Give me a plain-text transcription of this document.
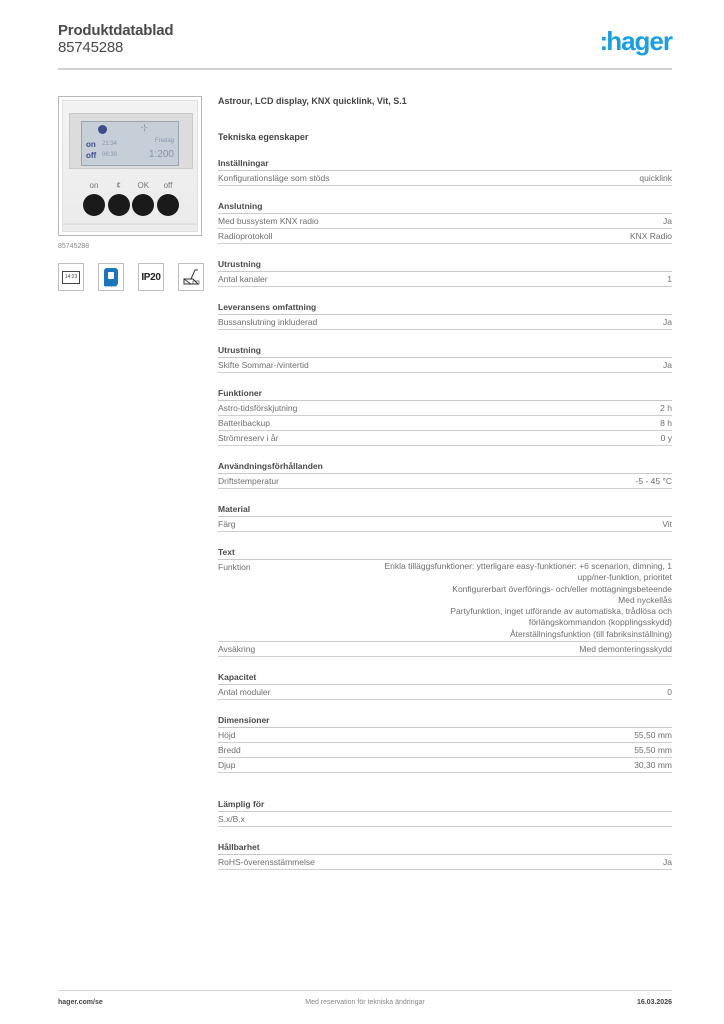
Produktdatablad
85745288	:hager
-¦-
on
off
21:34
06:30
Fredag
1:200
on	¢	OK	off
85745288
14:23
quicklink
IP20
Astrour, LCD display, KNX quicklink, Vit, S.1
Tekniska egenskaper
Inställningar
Konfigurationsläge som stöds	quicklink
Anslutning
Med bussystem KNX radio	Ja
Radioprotokoll	KNX Radio
Utrustning
Antal kanaler	1
Leveransens omfattning
Bussanslutning inkluderad	Ja
Utrustning
Skifte Sommar-/vintertid	Ja
Funktioner
Astro-tidsförskjutning	2 h
Batteribackup	8 h
Strömreserv i år	0 y
Användningsförhållanden
Driftstemperatur	-5 - 45 °C
Material
Färg	Vit
Text
Funktion	Enkla tilläggsfunktioner: ytterligare easy-funktioner: +6 scenarion, dimning, 1
upp/ner-funktion, prioritet
Konfigurerbart överförings- och/eller mottagningsbeteende
Med nyckellås
Partyfunktion, inget utförande av automatiska, trådlösa och
förlängskommandon (kopplingsskydd)
Återställningsfunktion (till fabriksinställning)
Avsäkring	Med demonteringsskydd
Kapacitet
Antal moduler	0
Dimensioner
Höjd	55,50 mm
Bredd	55,50 mm
Djup	30,30 mm
Lämplig för
S.x/B.x
Hållbarhet
RoHS-överensstämmelse	Ja
hager.com/se	Med reservation för tekniska ändringar	16.03.2026
